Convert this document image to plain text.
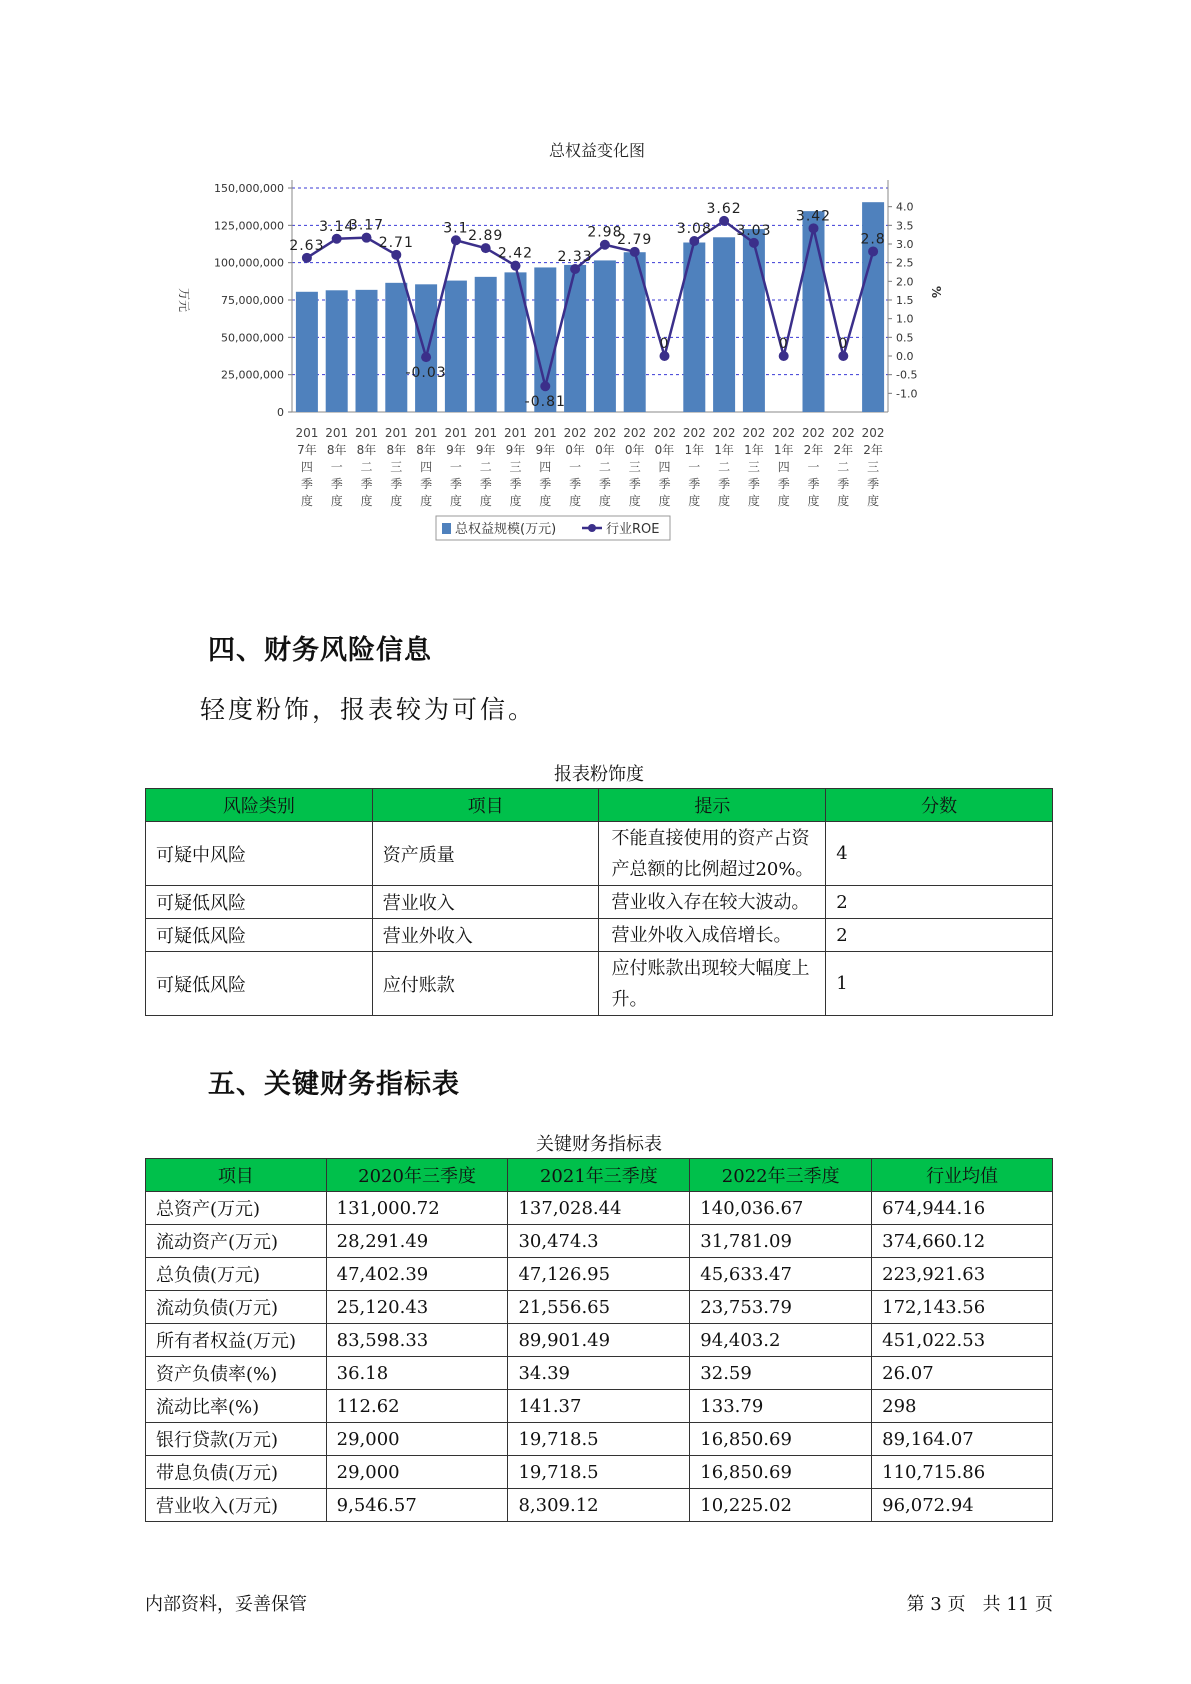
总权益变化图
0
25,000,000
50,000,000
75,000,000
100,000,000
125,000,000
150,000,000
-1.0
-0.5
0.0
0.5
1.0
1.5
2.0
2.5
3.0
3.5
4.0
万元	%
2.63
3.14
3.17
2.71
-0.03
3.1 2.89
2.42
-0.81
2.33
2.98
2.79
0
3.08
3.62
3.03
0
3.42
0
2.8
201 7年四季度
201 8年一季度
201 8年二季度
201 8年三季度
201 8年四季度
201 9年一季度
201 9年二季度
201 9年三季度
201 9年四季度
202 0年一季度
202 0年二季度
202 0年三季度
202 0年四季度
202 1年一季度
202 1年二季度
202 1年三季度
202 1年四季度
202 2年一季度
202 2年二季度
202 2年三季度
总权益规模(万元)	行业ROE
四、财务风险信息
轻度粉饰，报表较为可信。
报表粉饰度
风险类别	项目	提示	分数
可疑中风险	资产质量	不能直接使用的资产占资产总额的比例超过20%。	4
可疑低风险	营业收入	营业收入存在较大波动。	2
可疑低风险	营业外收入	营业外收入成倍增长。	2
可疑低风险	应付账款	应付账款出现较大幅度上升。	1
五、关键财务指标表
关键财务指标表
项目	2020年三季度	2021年三季度	2022年三季度	行业均值
总资产(万元)	131,000.72	137,028.44	140,036.67	674,944.16
流动资产(万元)	28,291.49	30,474.3	31,781.09	374,660.12
总负债(万元)	47,402.39	47,126.95	45,633.47	223,921.63
流动负债(万元)	25,120.43	21,556.65	23,753.79	172,143.56
所有者权益(万元)	83,598.33	89,901.49	94,403.2	451,022.53
资产负债率(%)	36.18	34.39	32.59	26.07
流动比率(%)	112.62	141.37	133.79	298
银行贷款(万元)	29,000	19,718.5	16,850.69	89,164.07
带息负债(万元)	29,000	19,718.5	16,850.69	110,715.86
营业收入(万元)	9,546.57	8,309.12	10,225.02	96,072.94
内部资料，妥善保管	第 3 页   共 11 页
